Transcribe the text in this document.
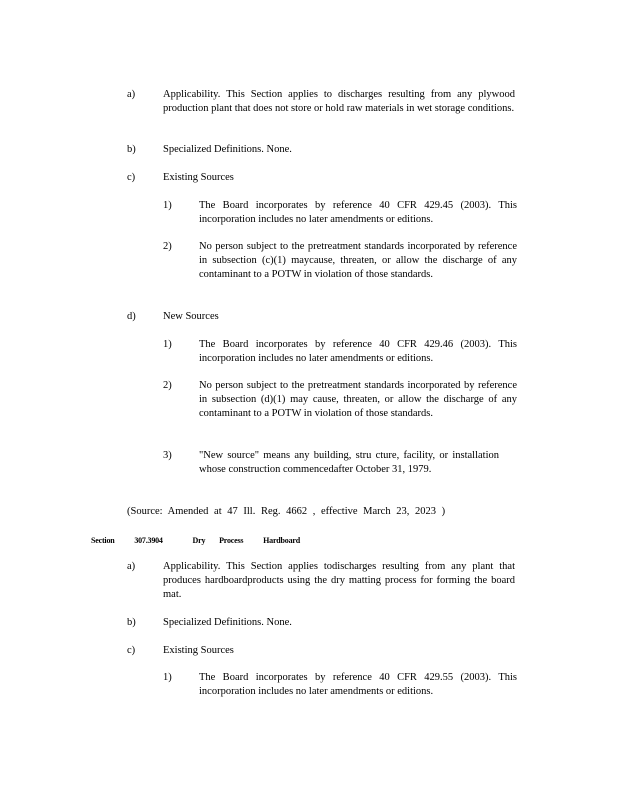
a)	Applicability. This Section applies to discharges resulting from any plywood production plant that does not store or hold raw materials in wet storage conditions.
b)	Specialized Definitions. None.
c)	Existing Sources
1)	The Board incorporates by reference 40 CFR 429.45 (2003). This incorporation includes no later amendments or editions.
2)	No person subject to the pretreatment standards incorporated by reference in subsection (c)(1) maycause, threaten, or allow the discharge of any contaminant to a POTW in violation of those standards.
d)	New Sources
1)	The Board incorporates by reference 40 CFR 429.46 (2003). This incorporation includes no later amendments or editions.
2)	No person subject to the pretreatment standards incorporated by reference in subsection (d)(1) may cause, threaten, or allow the discharge of any contaminant to a POTW in violation of those standards.
3)	"New source" means any building, stru cture, facility, or installation whose construction commencedafter October 31, 1979.
(Source: Amended at 47 Ill. Reg. 4662 , effective March 23, 2023 )
Section 307.3904	Dry Process Hardboard
a)	Applicability. This Section applies todischarges resulting from any plant that produces hardboardproducts using the dry matting process for forming the board mat.
b)	Specialized Definitions. None.
c)	Existing Sources
1)	The Board incorporates by reference 40 CFR 429.55 (2003). This incorporation includes no later amendments or editions.
